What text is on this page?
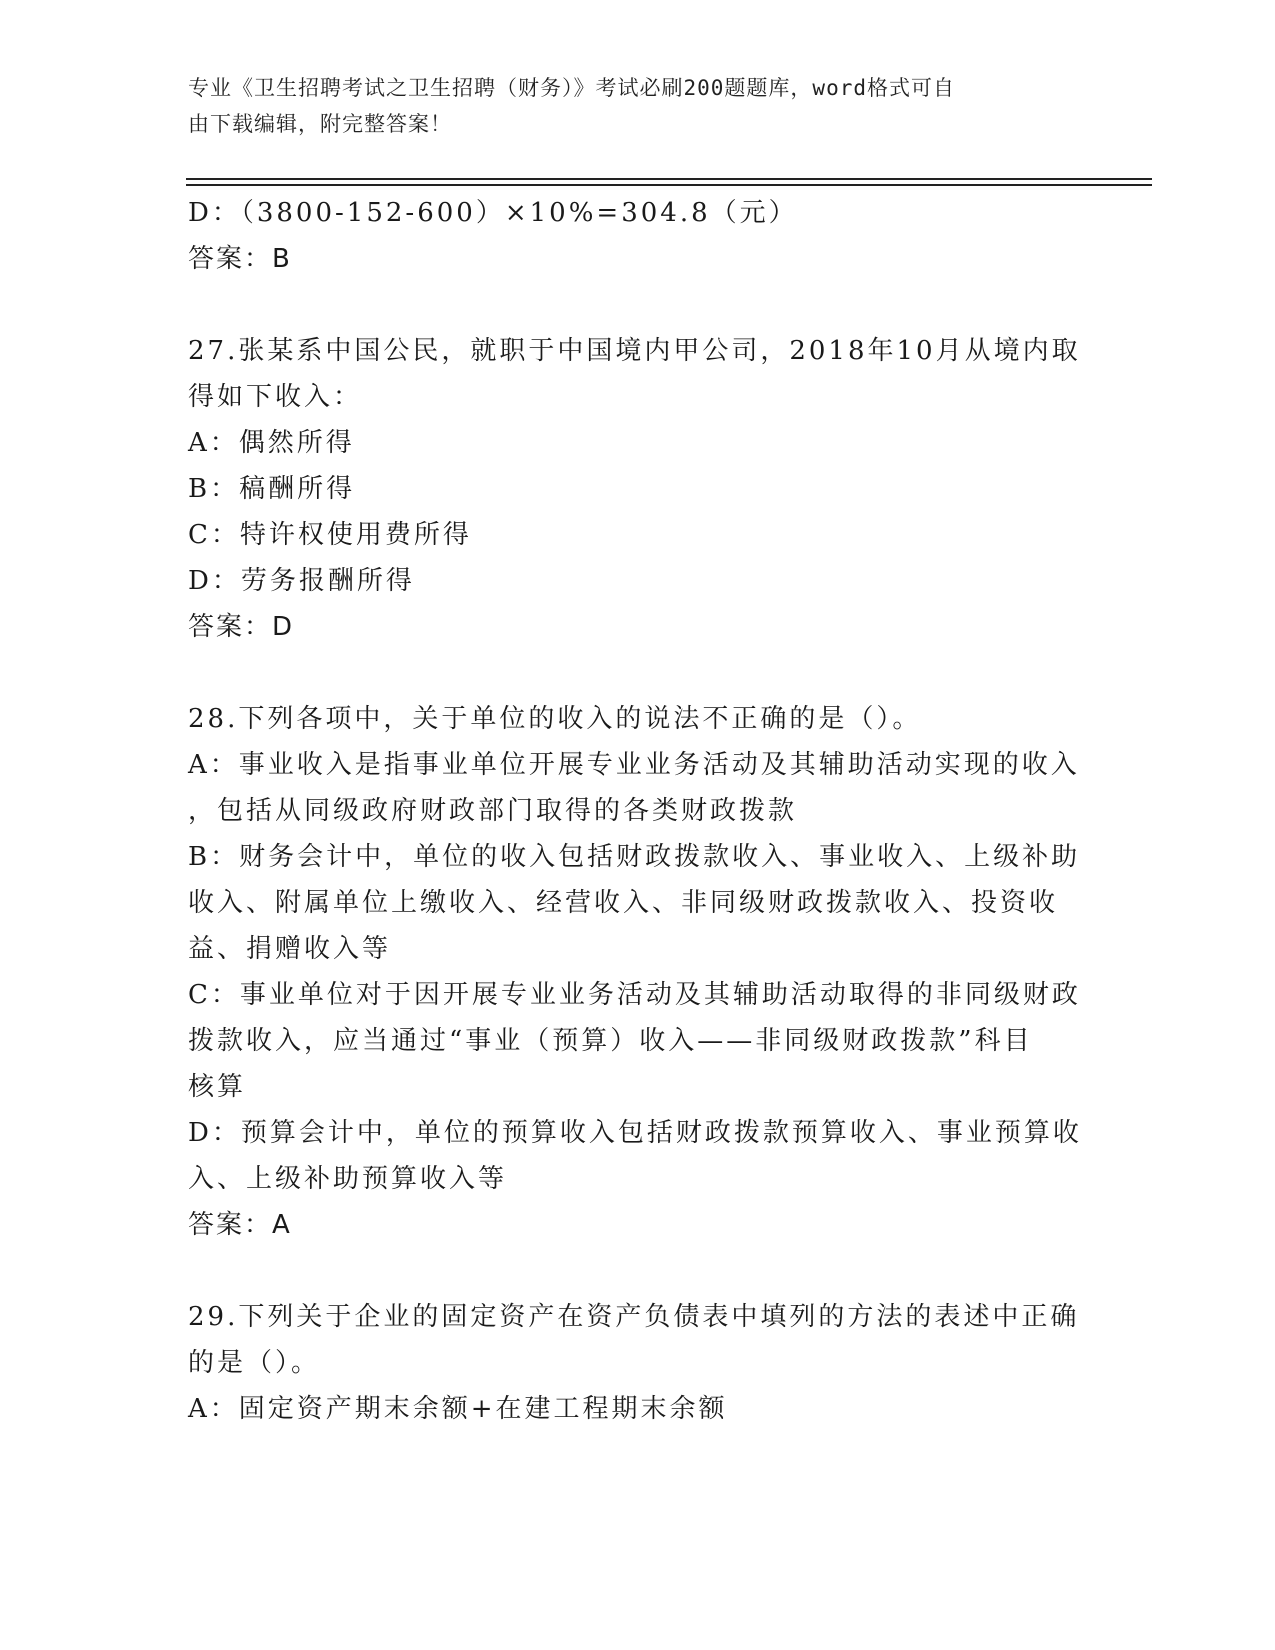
专业《卫生招聘考试之卫生招聘（财务）》考试必刷200题题库，word格式可自
由下载编辑，附完整答案！

D：（3800-152-600）×10%=304.8（元）

答案：B

27.张某系中国公民，就职于中国境内甲公司，2018年10月从境内取

得如下收入：

A：偶然所得

B：稿酬所得

C：特许权使用费所得

D：劳务报酬所得

答案：D

28.下列各项中，关于单位的收入的说法不正确的是（）。

A：事业收入是指事业单位开展专业业务活动及其辅助活动实现的收入

，包括从同级政府财政部门取得的各类财政拨款

B：财务会计中，单位的收入包括财政拨款收入、事业收入、上级补助

收入、附属单位上缴收入、经营收入、非同级财政拨款收入、投资收

益、捐赠收入等

C：事业单位对于因开展专业业务活动及其辅助活动取得的非同级财政

拨款收入，应当通过“事业（预算）收入——非同级财政拨款”科目

核算

D：预算会计中，单位的预算收入包括财政拨款预算收入、事业预算收

入、上级补助预算收入等

答案：A

29.下列关于企业的固定资产在资产负债表中填列的方法的表述中正确

的是（）。

A：固定资产期末余额+在建工程期末余额
